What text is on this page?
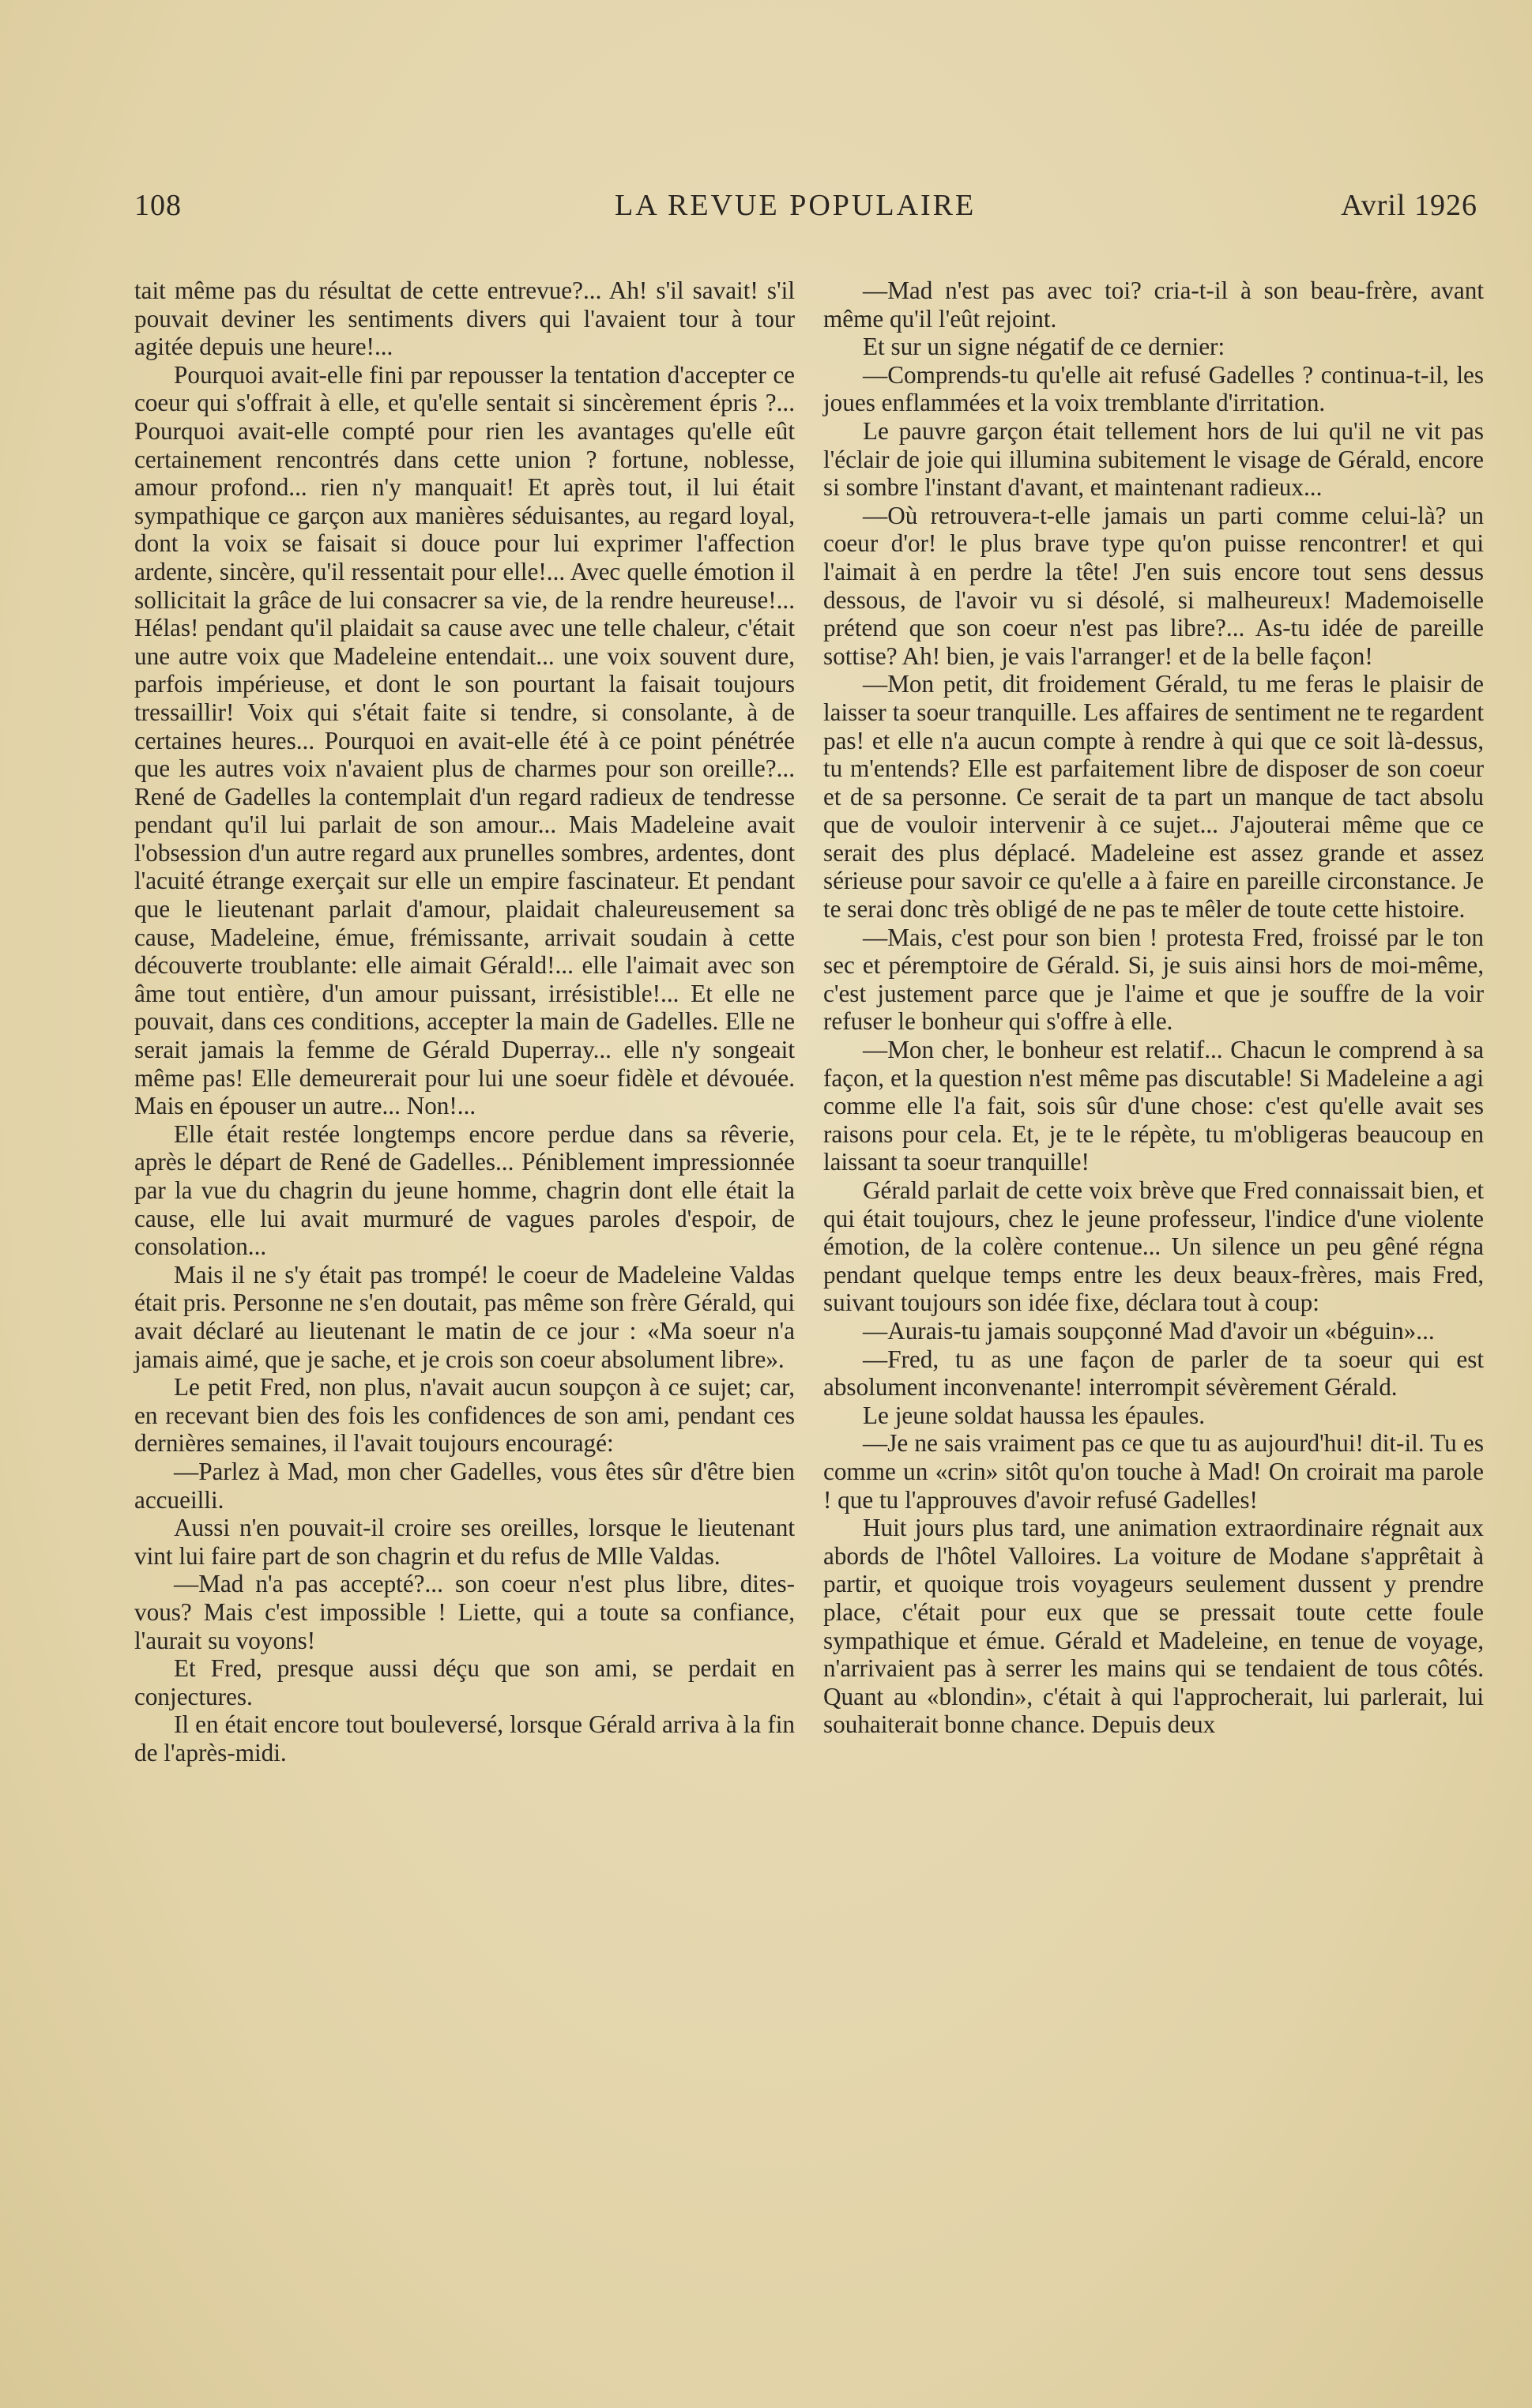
108	LA REVUE POPULAIRE	Avril 1926

tait même pas du résultat de cette entrevue?... Ah! s'il savait! s'il pouvait deviner les sentiments divers qui l'avaient tour à tour agitée depuis une heure!...

Pourquoi avait-elle fini par repousser la tentation d'accepter ce coeur qui s'offrait à elle, et qu'elle sentait si sincèrement épris ?... Pourquoi avait-elle compté pour rien les avantages qu'elle eût certainement rencontrés dans cette union ? fortune, noblesse, amour profond... rien n'y manquait! Et après tout, il lui était sympathique ce garçon aux manières séduisantes, au regard loyal, dont la voix se faisait si douce pour lui exprimer l'affection ardente, sincère, qu'il ressentait pour elle!... Avec quelle émotion il sollicitait la grâce de lui consacrer sa vie, de la rendre heureuse!... Hélas! pendant qu'il plaidait sa cause avec une telle chaleur, c'était une autre voix que Madeleine entendait... une voix souvent dure, parfois impérieuse, et dont le son pourtant la faisait toujours tressaillir! Voix qui s'était faite si tendre, si consolante, à de certaines heures... Pourquoi en avait-elle été à ce point pénétrée que les autres voix n'avaient plus de charmes pour son oreille?... René de Gadelles la contemplait d'un regard radieux de tendresse pendant qu'il lui parlait de son amour... Mais Madeleine avait l'obsession d'un autre regard aux prunelles sombres, ardentes, dont l'acuité étrange exerçait sur elle un empire fascinateur. Et pendant que le lieutenant parlait d'amour, plaidait chaleureusement sa cause, Madeleine, émue, frémissante, arrivait soudain à cette découverte troublante: elle aimait Gérald!... elle l'aimait avec son âme tout entière, d'un amour puissant, irrésistible!... Et elle ne pouvait, dans ces conditions, accepter la main de Gadelles. Elle ne serait jamais la femme de Gérald Duperray... elle n'y songeait même pas! Elle demeurerait pour lui une soeur fidèle et dévouée. Mais en épouser un autre... Non!...

Elle était restée longtemps encore perdue dans sa rêverie, après le départ de René de Gadelles... Péniblement impressionnée par la vue du chagrin du jeune homme, chagrin dont elle était la cause, elle lui avait murmuré de vagues paroles d'espoir, de consolation...

Mais il ne s'y était pas trompé! le coeur de Madeleine Valdas était pris. Personne ne s'en doutait, pas même son frère Gérald, qui avait déclaré au lieutenant le matin de ce jour : «Ma soeur n'a jamais aimé, que je sache, et je crois son coeur absolument libre».

Le petit Fred, non plus, n'avait aucun soupçon à ce sujet; car, en recevant bien des fois les confidences de son ami, pendant ces dernières semaines, il l'avait toujours encouragé:

—Parlez à Mad, mon cher Gadelles, vous êtes sûr d'être bien accueilli.

Aussi n'en pouvait-il croire ses oreilles, lorsque le lieutenant vint lui faire part de son chagrin et du refus de Mlle Valdas.

—Mad n'a pas accepté?... son coeur n'est plus libre, dites-vous? Mais c'est impossible ! Liette, qui a toute sa confiance, l'aurait su voyons!

Et Fred, presque aussi déçu que son ami, se perdait en conjectures.

Il en était encore tout bouleversé, lorsque Gérald arriva à la fin de l'après-midi.

—Mad n'est pas avec toi? cria-t-il à son beau-frère, avant même qu'il l'eût rejoint.

Et sur un signe négatif de ce dernier:

—Comprends-tu qu'elle ait refusé Gadelles ? continua-t-il, les joues enflammées et la voix tremblante d'irritation.

Le pauvre garçon était tellement hors de lui qu'il ne vit pas l'éclair de joie qui illumina subitement le visage de Gérald, encore si sombre l'instant d'avant, et maintenant radieux...

—Où retrouvera-t-elle jamais un parti comme celui-là? un coeur d'or! le plus brave type qu'on puisse rencontrer! et qui l'aimait à en perdre la tête! J'en suis encore tout sens dessus dessous, de l'avoir vu si désolé, si malheureux! Mademoiselle prétend que son coeur n'est pas libre?... As-tu idée de pareille sottise? Ah! bien, je vais l'arranger! et de la belle façon!

—Mon petit, dit froidement Gérald, tu me feras le plaisir de laisser ta soeur tranquille. Les affaires de sentiment ne te regardent pas! et elle n'a aucun compte à rendre à qui que ce soit là-dessus, tu m'entends? Elle est parfaitement libre de disposer de son coeur et de sa personne. Ce serait de ta part un manque de tact absolu que de vouloir intervenir à ce sujet... J'ajouterai même que ce serait des plus déplacé. Madeleine est assez grande et assez sérieuse pour savoir ce qu'elle a à faire en pareille circonstance. Je te serai donc très obligé de ne pas te mêler de toute cette histoire.

—Mais, c'est pour son bien ! protesta Fred, froissé par le ton sec et péremptoire de Gérald. Si, je suis ainsi hors de moi-même, c'est justement parce que je l'aime et que je souffre de la voir refuser le bonheur qui s'offre à elle.

—Mon cher, le bonheur est relatif... Chacun le comprend à sa façon, et la question n'est même pas discutable! Si Madeleine a agi comme elle l'a fait, sois sûr d'une chose: c'est qu'elle avait ses raisons pour cela. Et, je te le répète, tu m'obligeras beaucoup en laissant ta soeur tranquille!

Gérald parlait de cette voix brève que Fred connaissait bien, et qui était toujours, chez le jeune professeur, l'indice d'une violente émotion, de la colère contenue... Un silence un peu gêné régna pendant quelque temps entre les deux beaux-frères, mais Fred, suivant toujours son idée fixe, déclara tout à coup:

—Aurais-tu jamais soupçonné Mad d'avoir un «béguin»...

—Fred, tu as une façon de parler de ta soeur qui est absolument inconvenante! interrompit sévèrement Gérald.

Le jeune soldat haussa les épaules.

—Je ne sais vraiment pas ce que tu as aujourd'hui! dit-il. Tu es comme un «crin» sitôt qu'on touche à Mad! On croirait ma parole ! que tu l'approuves d'avoir refusé Gadelles!

Huit jours plus tard, une animation extraordinaire régnait aux abords de l'hôtel Valloires. La voiture de Modane s'apprêtait à partir, et quoique trois voyageurs seulement dussent y prendre place, c'était pour eux que se pressait toute cette foule sympathique et émue. Gérald et Madeleine, en tenue de voyage, n'arrivaient pas à serrer les mains qui se tendaient de tous côtés. Quant au «blondin», c'était à qui l'approcherait, lui parlerait, lui souhaiterait bonne chance. Depuis deux
